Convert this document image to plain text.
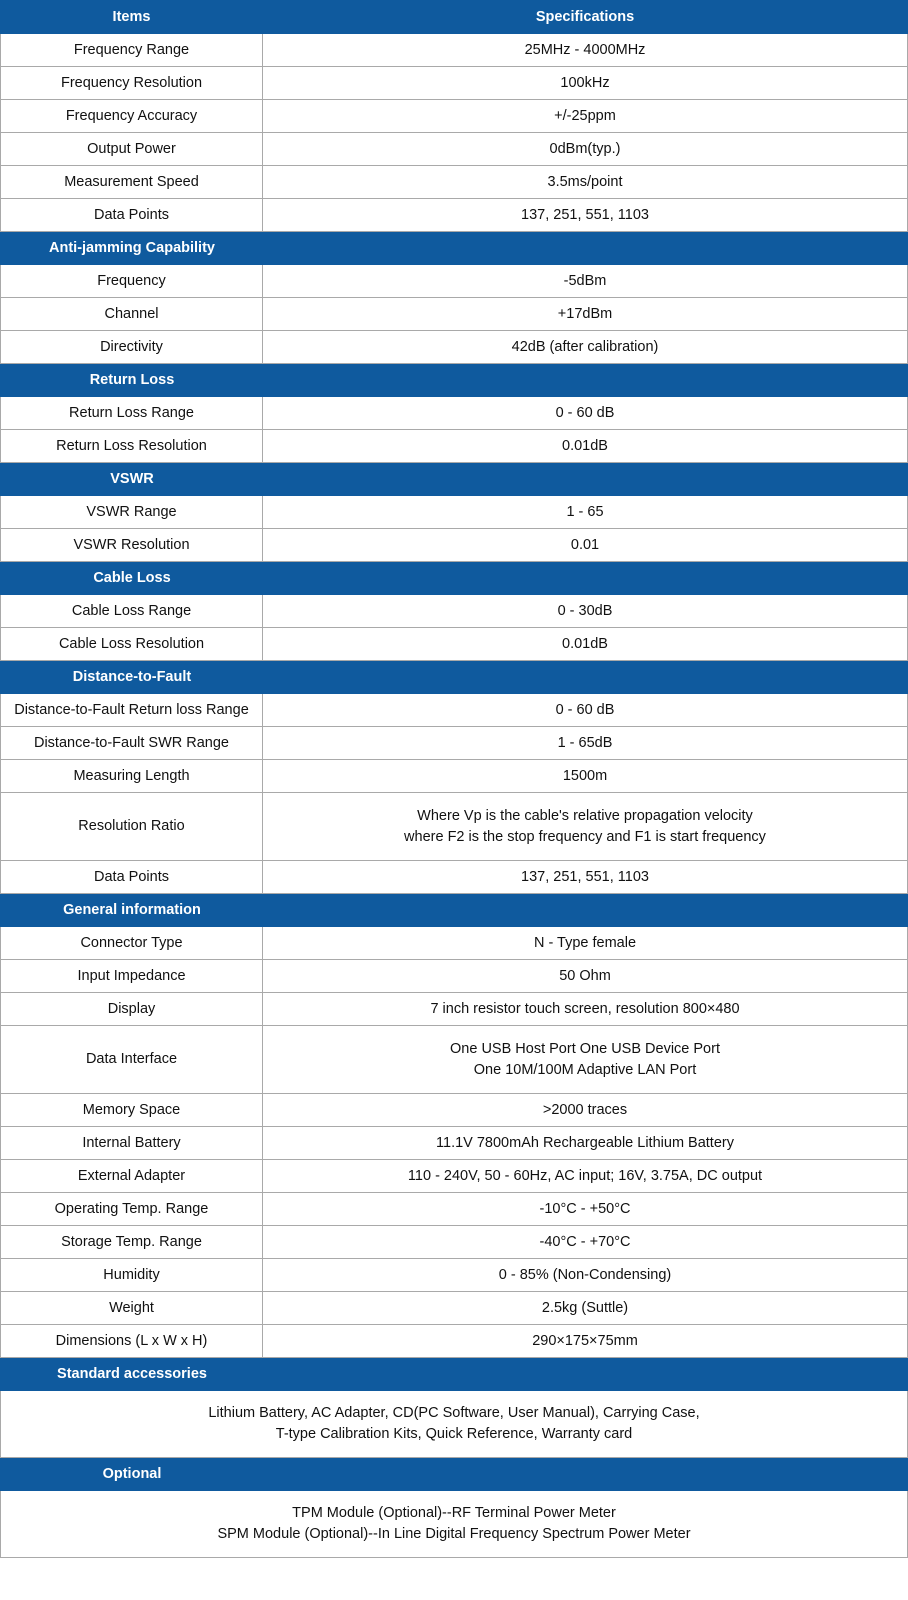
Items	Specifications
Frequency Range	25MHz - 4000MHz

Frequency Resolution	100kHz

Frequency Accuracy	+/-25ppm

Output Power	0dBm(typ.)

Measurement Speed	3.5ms/point

Data Points	137, 251, 551, 1103

Anti-jamming Capability	
Frequency	-5dBm

Channel	+17dBm

Directivity	42dB (after calibration)

Return Loss	
Return Loss Range	0 - 60 dB

Return Loss Resolution	0.01dB

VSWR	
VSWR Range	1 - 65

VSWR Resolution	0.01

Cable Loss	
Cable Loss Range	0 - 30dB

Cable Loss Resolution	0.01dB

Distance-to-Fault	
Distance-to-Fault Return loss Range	0 - 60 dB

Distance-to-Fault SWR Range	1 - 65dB

Measuring Length	1500m

Resolution Ratio	Where Vp is the cable's relative propagation velocity
where F2 is the stop frequency and F1 is start frequency

Data Points	137, 251, 551, 1103

General information	
Connector Type	N - Type female

Input Impedance	50 Ohm

Display	7 inch resistor touch screen, resolution 800×480

Data Interface	One USB Host Port One USB Device Port
One 10M/100M Adaptive LAN Port

Memory Space	>2000 traces

Internal Battery	11.1V 7800mAh Rechargeable Lithium Battery

External Adapter	110 - 240V, 50 - 60Hz, AC input; 16V, 3.75A, DC output

Operating Temp. Range	-10°C - +50°C

Storage Temp. Range	-40°C - +70°C

Humidity	0 - 85% (Non-Condensing)

Weight	2.5kg (Suttle)

Dimensions (L x W x H)	290×175×75mm

Standard accessories	

Lithium Battery, AC Adapter, CD(PC Software, User Manual), Carrying Case,
T-type Calibration Kits, Quick Reference, Warranty card	

Optional	

TPM Module (Optional)--RF Terminal Power Meter
SPM Module (Optional)--In Line Digital Frequency Spectrum Power Meter	
